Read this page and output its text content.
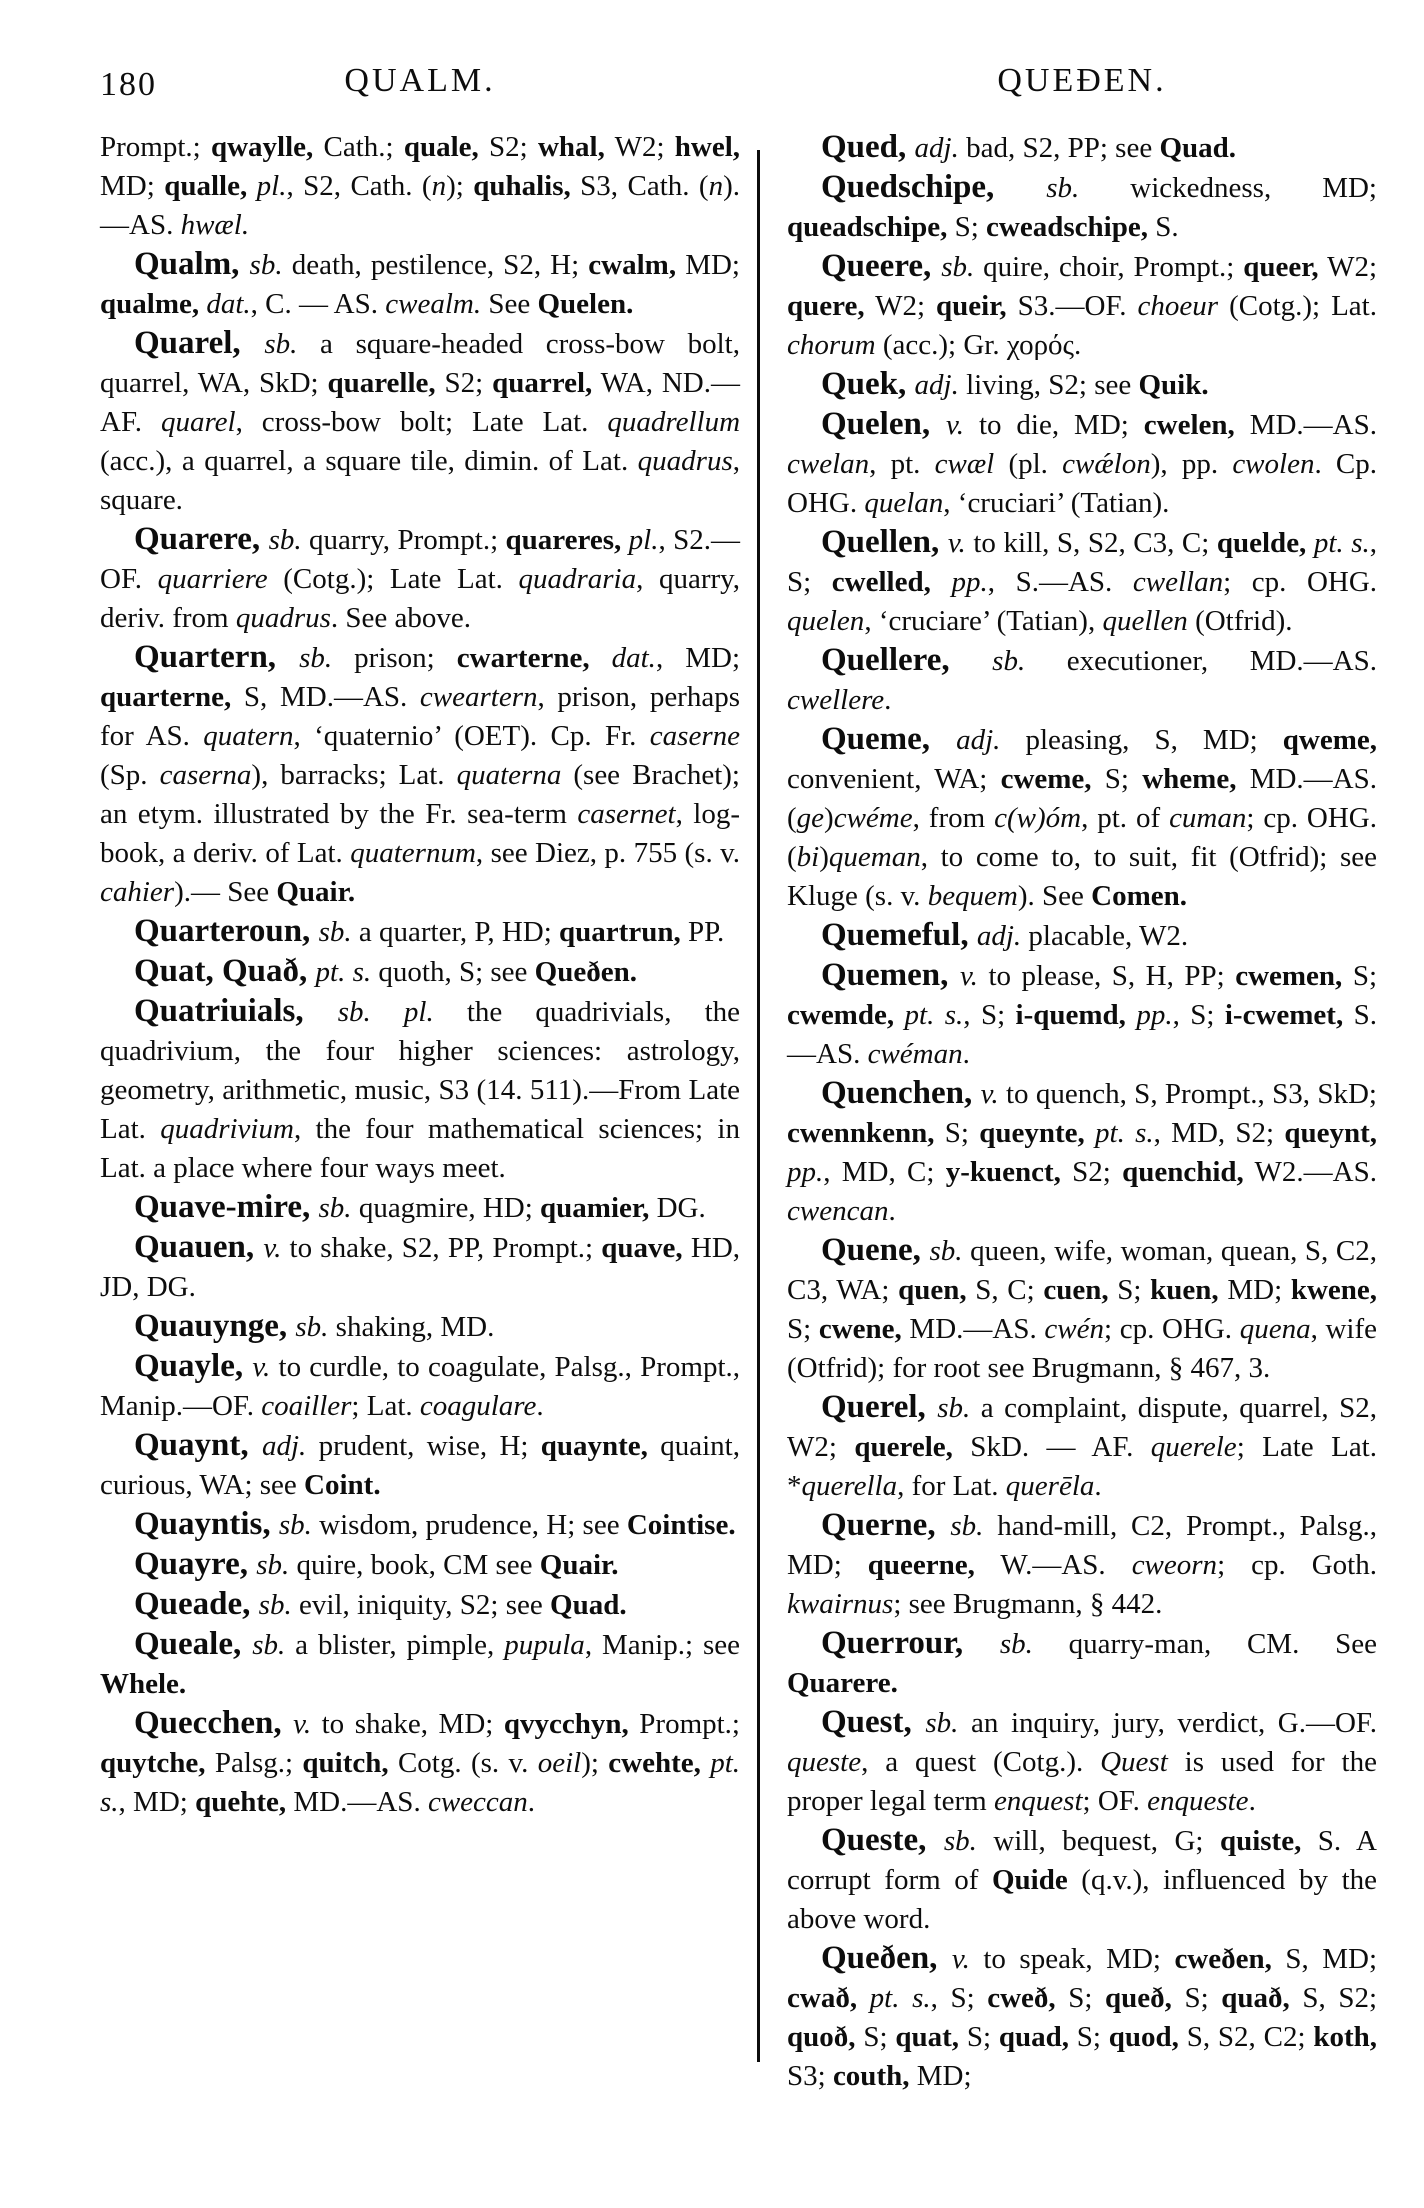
180	QUALM.	QUEÐEN.

Prompt.; qwaylle, Cath.; quale, S2; whal, W2; hwel, MD; qualle, pl., S2, Cath. (n); quhalis, S3, Cath. (n).—AS. hwæl.

Qualm, sb. death, pestilence, S2, H; cwalm, MD; qualme, dat., C. — AS. cwealm. See Quelen.

Quarel, sb. a square-headed cross-bow bolt, quarrel, WA, SkD; quarelle, S2; quarrel, WA, ND.—AF. quarel, cross-bow bolt; Late Lat. quadrellum (acc.), a quarrel, a square tile, dimin. of Lat. quadrus, square.

Quarere, sb. quarry, Prompt.; quareres, pl., S2.—OF. quarriere (Cotg.); Late Lat. quadraria, quarry, deriv. from quadrus. See above.

Quartern, sb. prison; cwarterne, dat., MD; quarterne, S, MD.—AS. cweartern, prison, perhaps for AS. quatern, ‘quaternio’ (OET). Cp. Fr. caserne (Sp. caserna), barracks; Lat. quaterna (see Brachet); an etym. illustrated by the Fr. sea-term casernet, log-book, a deriv. of Lat. quaternum, see Diez, p. 755 (s. v. cahier).— See Quair.

Quarteroun, sb. a quarter, P, HD; quartrun, PP.

Quat, Quað, pt. s. quoth, S; see Queðen.

Quatriuials, sb. pl. the quadrivials, the quadrivium, the four higher sciences: astrology, geometry, arithmetic, music, S3 (14. 511).—From Late Lat. quadrivium, the four mathematical sciences; in Lat. a place where four ways meet.

Quave-mire, sb. quagmire, HD; quamier, DG.

Quauen, v. to shake, S2, PP, Prompt.; quave, HD, JD, DG.

Quauynge, sb. shaking, MD.

Quayle, v. to curdle, to coagulate, Palsg., Prompt., Manip.—OF. coailler; Lat. coagulare.

Quaynt, adj. prudent, wise, H; quaynte, quaint, curious, WA; see Coint.

Quayntis, sb. wisdom, prudence, H; see Cointise.

Quayre, sb. quire, book, CM see Quair.

Queade, sb. evil, iniquity, S2; see Quad.

Queale, sb. a blister, pimple, pupula, Manip.; see Whele.

Quecchen, v. to shake, MD; qvycchyn, Prompt.; quytche, Palsg.; quitch, Cotg. (s. v. oeil); cwehte, pt. s., MD; quehte, MD.—AS. cweccan.

Qued, adj. bad, S2, PP; see Quad.

Quedschipe, sb. wickedness, MD; queadschipe, S; cweadschipe, S.

Queere, sb. quire, choir, Prompt.; queer, W2; quere, W2; queir, S3.—OF. choeur (Cotg.); Lat. chorum (acc.); Gr. χορός.

Quek, adj. living, S2; see Quik.

Quelen, v. to die, MD; cwelen, MD.—AS. cwelan, pt. cwæl (pl. cwǽlon), pp. cwolen. Cp. OHG. quelan, ‘cruciari’ (Tatian).

Quellen, v. to kill, S, S2, C3, C; quelde, pt. s., S; cwelled, pp., S.—AS. cwellan; cp. OHG. quelen, ‘cruciare’ (Tatian), quellen (Otfrid).

Quellere, sb. executioner, MD.—AS. cwellere.

Queme, adj. pleasing, S, MD; qweme, convenient, WA; cweme, S; wheme, MD.—AS. (ge)cwéme, from c(w)óm, pt. of cuman; cp. OHG. (bi)queman, to come to, to suit, fit (Otfrid); see Kluge (s. v. bequem). See Comen.

Quemeful, adj. placable, W2.

Quemen, v. to please, S, H, PP; cwemen, S; cwemde, pt. s., S; i-quemd, pp., S; i-cwemet, S.—AS. cwéman.

Quenchen, v. to quench, S, Prompt., S3, SkD; cwennkenn, S; queynte, pt. s., MD, S2; queynt, pp., MD, C; y-kuenct, S2; quenchid, W2.—AS. cwencan.

Quene, sb. queen, wife, woman, quean, S, C2, C3, WA; quen, S, C; cuen, S; kuen, MD; kwene, S; cwene, MD.—AS. cwén; cp. OHG. quena, wife (Otfrid); for root see Brugmann, § 467, 3.

Querel, sb. a complaint, dispute, quarrel, S2, W2; querele, SkD. — AF. querele; Late Lat. *querella, for Lat. querēla.

Querne, sb. hand-mill, C2, Prompt., Palsg., MD; queerne, W.—AS. cweorn; cp. Goth. kwairnus; see Brugmann, § 442.

Querrour, sb. quarry-man, CM. See Quarere.

Quest, sb. an inquiry, jury, verdict, G.—OF. queste, a quest (Cotg.). Quest is used for the proper legal term enquest; OF. enqueste.

Queste, sb. will, bequest, G; quiste, S. A corrupt form of Quide (q.v.), influenced by the above word.

Queðen, v. to speak, MD; cweðen, S, MD; cwað, pt. s., S; cweð, S; queð, S; quað, S, S2; quoð, S; quat, S; quad, S; quod, S, S2, C2; koth, S3; couth, MD;
